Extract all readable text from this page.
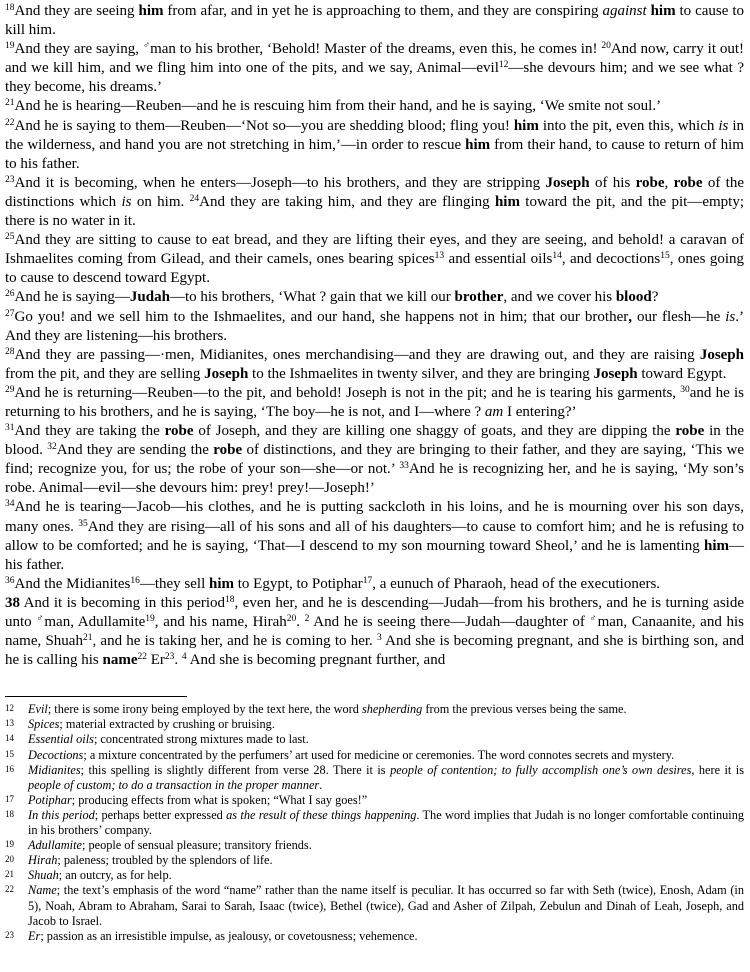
$^{18}$And they are seeing him from afar, and in yet he is approaching to them, and they are conspiring against him to cause to kill him.

$^{19}$And they are saying, ♂man to his brother, ‘Behold! Master of the dreams, even this, he comes in! $^{20}$And now, carry it out! and we kill him, and we fling him into one of the pits, and we say, Animal—evil$^{12}$—she devours him; and we see what ? they become, his dreams.’

$^{21}$And he is hearing—Reuben—and he is rescuing him from their hand, and he is saying, ‘We smite not soul.’

$^{22}$And he is saying to them—Reuben—‘Not so—you are shedding blood; fling you! him into the pit, even this, which is in the wilderness, and hand you are not stretching in him,’—in order to rescue him from their hand, to cause to return of him to his father.

$^{23}$And it is becoming, when he enters—Joseph—to his brothers, and they are stripping Joseph of his robe, robe of the distinctions which is on him. $^{24}$And they are taking him, and they are flinging him toward the pit, and the pit—empty; there is no water in it.

$^{25}$And they are sitting to cause to eat bread, and they are lifting their eyes, and they are seeing, and behold! a caravan of Ishmaelites coming from Gilead, and their camels, ones bearing spices$^{13}$ and essential oils$^{14}$, and decoctions$^{15}$, ones going to cause to descend toward Egypt.

$^{26}$And he is saying—Judah—to his brothers, ‘What ? gain that we kill our brother, and we cover his blood?

$^{27}$Go you! and we sell him to the Ishmaelites, and our hand, she happens not in him; that our brother, our flesh—he is.’ And they are listening—his brothers.

$^{28}$And they are passing—·men, Midianites, ones merchandising—and they are drawing out, and they are raising Joseph from the pit, and they are selling Joseph to the Ishmaelites in twenty silver, and they are bringing Joseph toward Egypt.

$^{29}$And he is returning—Reuben—to the pit, and behold! Joseph is not in the pit; and he is tearing his garments, $^{30}$and he is returning to his brothers, and he is saying, ‘The boy—he is not, and I—where ? am I entering?’

$^{31}$And they are taking the robe of Joseph, and they are killing one shaggy of goats, and they are dipping the robe in the blood. $^{32}$And they are sending the robe of distinctions, and they are bringing to their father, and they are saying, ‘This we find; recognize you, for us; the robe of your son—she—or not.’ $^{33}$And he is recognizing her, and he is saying, ‘My son’s robe. Animal—evil—she devours him: prey! prey!—Joseph!’

$^{34}$And he is tearing—Jacob—his clothes, and he is putting sackcloth in his loins, and he is mourning over his son days, many ones. $^{35}$And they are rising—all of his sons and all of his daughters—to cause to comfort him; and he is refusing to allow to be comforted; and he is saying, ‘That—I descend to my son mourning toward Sheol,’ and he is lamenting him—his father.

$^{36}$And the Midianites$^{16}$—they sell him to Egypt, to Potiphar$^{17}$, a eunuch of Pharaoh, head of the executioners.

38 And it is becoming in this period$^{18}$, even her, and he is descending—Judah—from his brothers, and he is turning aside unto ♂man, Adullamite$^{19}$, and his name, Hirah$^{20}$. $^2$ And he is seeing there—Judah—daughter of ♂man, Canaanite, and his name, Shuah$^{21}$, and he is taking her, and he is coming to her. $^3$ And she is becoming pregnant, and she is birthing son, and he is calling his name$^{22}$ Er$^{23}$. $^4$ And she is becoming pregnant further, and

12	Evil; there is some irony being employed by the text here, the word shepherding from the previous verses being the same.
13	Spices; material extracted by crushing or bruising.
14	Essential oils; concentrated strong mixtures made to last.
15	Decoctions; a mixture concentrated by the perfumers’ art used for medicine or ceremonies. The word connotes secrets and mystery.
16	Midianites; this spelling is slightly different from verse 28. There it is people of contention; to fully accomplish one’s own desires, here it is people of custom; to do a transaction in the proper manner.
17	Potiphar; producing effects from what is spoken; “What I say goes!”
18	In this period; perhaps better expressed as the result of these things happening. The word implies that Judah is no longer comfortable continuing in his brothers’ company.
19	Adullamite; people of sensual pleasure; transitory friends.
20	Hirah; paleness; troubled by the splendors of life.
21	Shuah; an outcry, as for help.
22	Name; the text’s emphasis of the word “name” rather than the name itself is peculiar. It has occurred so far with Seth (twice), Enosh, Adam (in 5), Noah, Abram to Abraham, Sarai to Sarah, Isaac (twice), Bethel (twice), Gad and Asher of Zilpah, Zebulun and Dinah of Leah, Joseph, and Jacob to Israel.
23	Er; passion as an irresistible impulse, as jealousy, or covetousness; vehemence.
